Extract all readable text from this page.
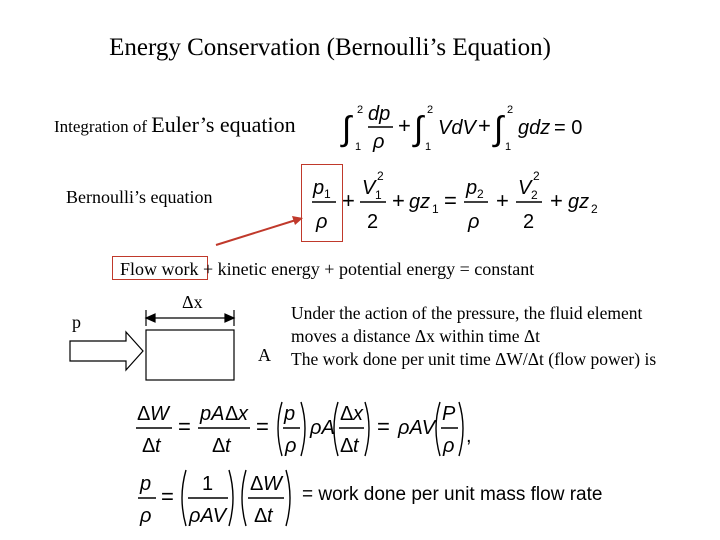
Energy Conservation (Bernoulli’s Equation)
Integration of Euler’s equation ∫ 2
1
dp
ρ
+ ∫ 2
1
VdV + ∫ 2
1
gdz = 0
Bernoulli’s equation	p 1
ρ
+ V 1
2
2
+ gz 1 = p 2
ρ
+ V 2
2
2
+ gz 2
Flow work + kinetic energy + potential energy = constant
p
Δx
A
Under the action of the pressure, the fluid element
moves a distance Δx within time Δt
The work done per unit time ΔW/Δt (flow power) is
Δ W
Δ t
= pA Δ x
Δ t
= p
ρ
ρA
Δ x
Δ t
= ρAV
P
ρ ,
p
ρ
= 1
ρAV
Δ W
Δ t
= work done per unit mass flow rate
